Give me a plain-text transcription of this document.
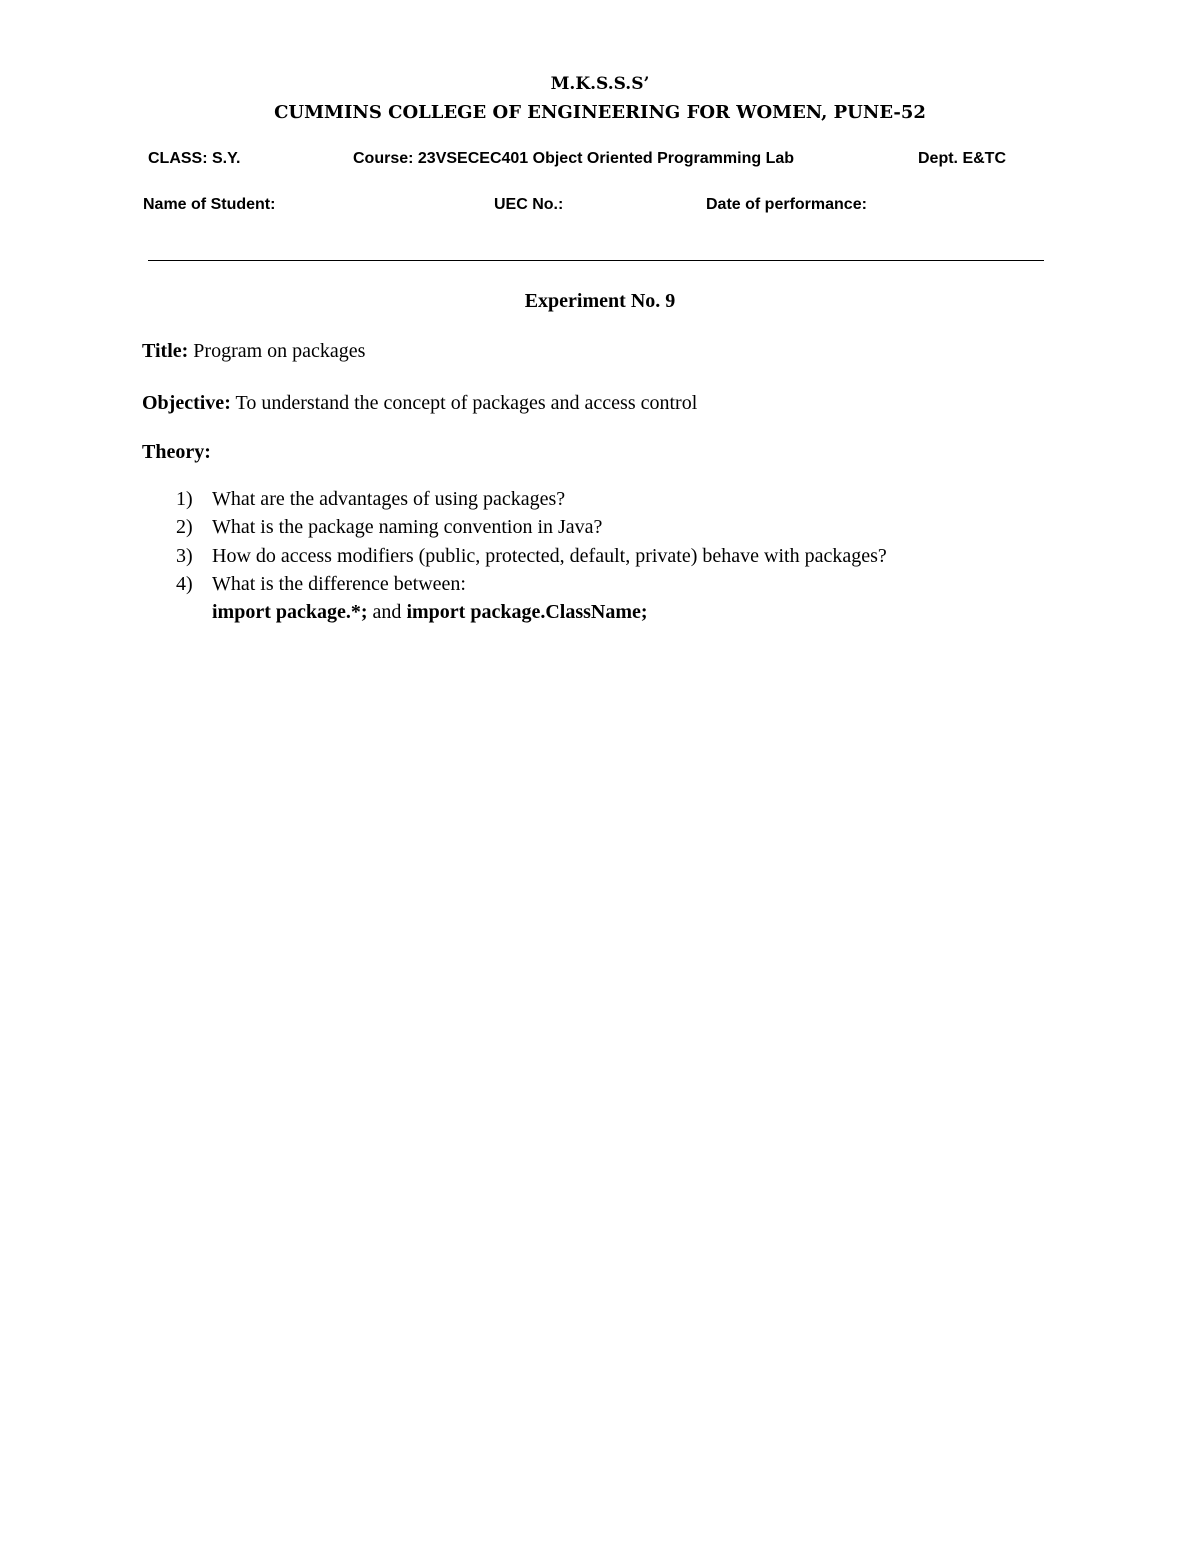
M.K.S.S.S’
CUMMINS COLLEGE OF ENGINEERING FOR WOMEN, PUNE-52
CLASS: S.Y.	Course: 23VSECEC401 Object Oriented Programming Lab	Dept. E&TC
Name of Student:	UEC No.:	Date of performance:
Experiment No. 9
Title: Program on packages
Objective: To understand the concept of packages and access control
Theory:
1) What are the advantages of using packages?
2) What is the package naming convention in Java?
3) How do access modifiers (public, protected, default, private) behave with packages?
4) What is the difference between:
import package.*; and import package.ClassName;
